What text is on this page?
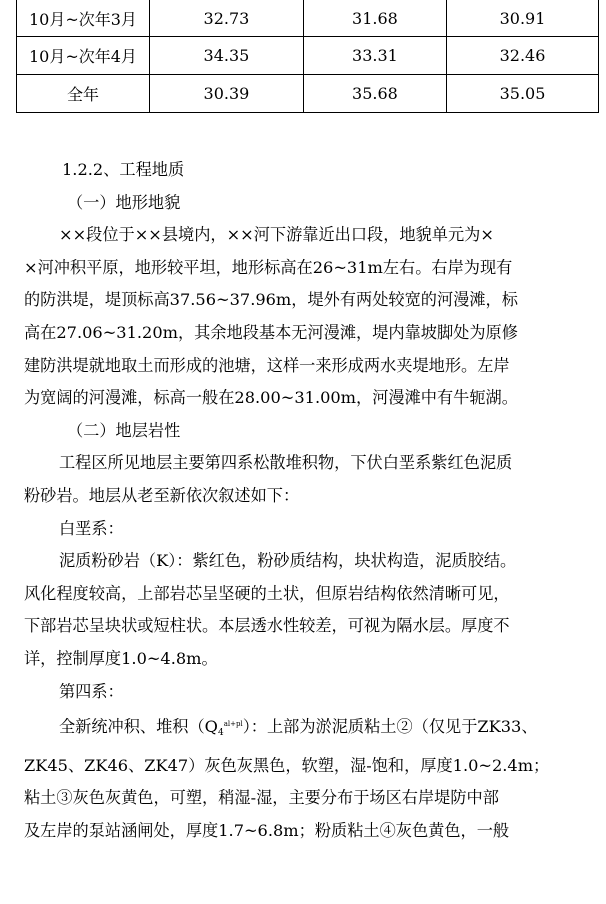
10月~次年3月	32.73	31.68	30.91
10月~次年4月	34.35	33.31	32.46
全年	30.39	35.68	35.05
1.2.2、工程地质
（一）地形地貌
××段位于××县境内，××河下游靠近出口段，地貌单元为×
×河冲积平原，地形较平坦，地形标高在26~31m左右。右岸为现有
的防洪堤，堤顶标高37.56~37.96m，堤外有两处较宽的河漫滩，标
高在27.06~31.20m，其余地段基本无河漫滩，堤内靠坡脚处为原修
建防洪堤就地取土而形成的池塘，这样一来形成两水夹堤地形。左岸
为宽阔的河漫滩，标高一般在28.00~31.00m，河漫滩中有牛轭湖。
（二）地层岩性
工程区所见地层主要第四系松散堆积物，下伏白垩系紫红色泥质
粉砂岩。地层从老至新依次叙述如下：
白垩系：
泥质粉砂岩（K）：紫红色，粉砂质结构，块状构造，泥质胶结。
风化程度较高，上部岩芯呈坚硬的土状，但原岩结构依然清晰可见，
下部岩芯呈块状或短柱状。本层透水性较差，可视为隔水层。厚度不
详，控制厚度1.0~4.8m。
第四系：
全新统冲积、堆积$(Q_4^{al+pl})$：上部为淤泥质粘土②（仅见于ZK33、
ZK45、ZK46、ZK47）灰色灰黑色，软塑，湿-饱和，厚度1.0~2.4m；
粘土③灰色灰黄色，可塑，稍湿-湿，主要分布于场区右岸堤防中部
及左岸的泵站涵闸处，厚度1.7~6.8m；粉质粘土④灰色黄色，一般
